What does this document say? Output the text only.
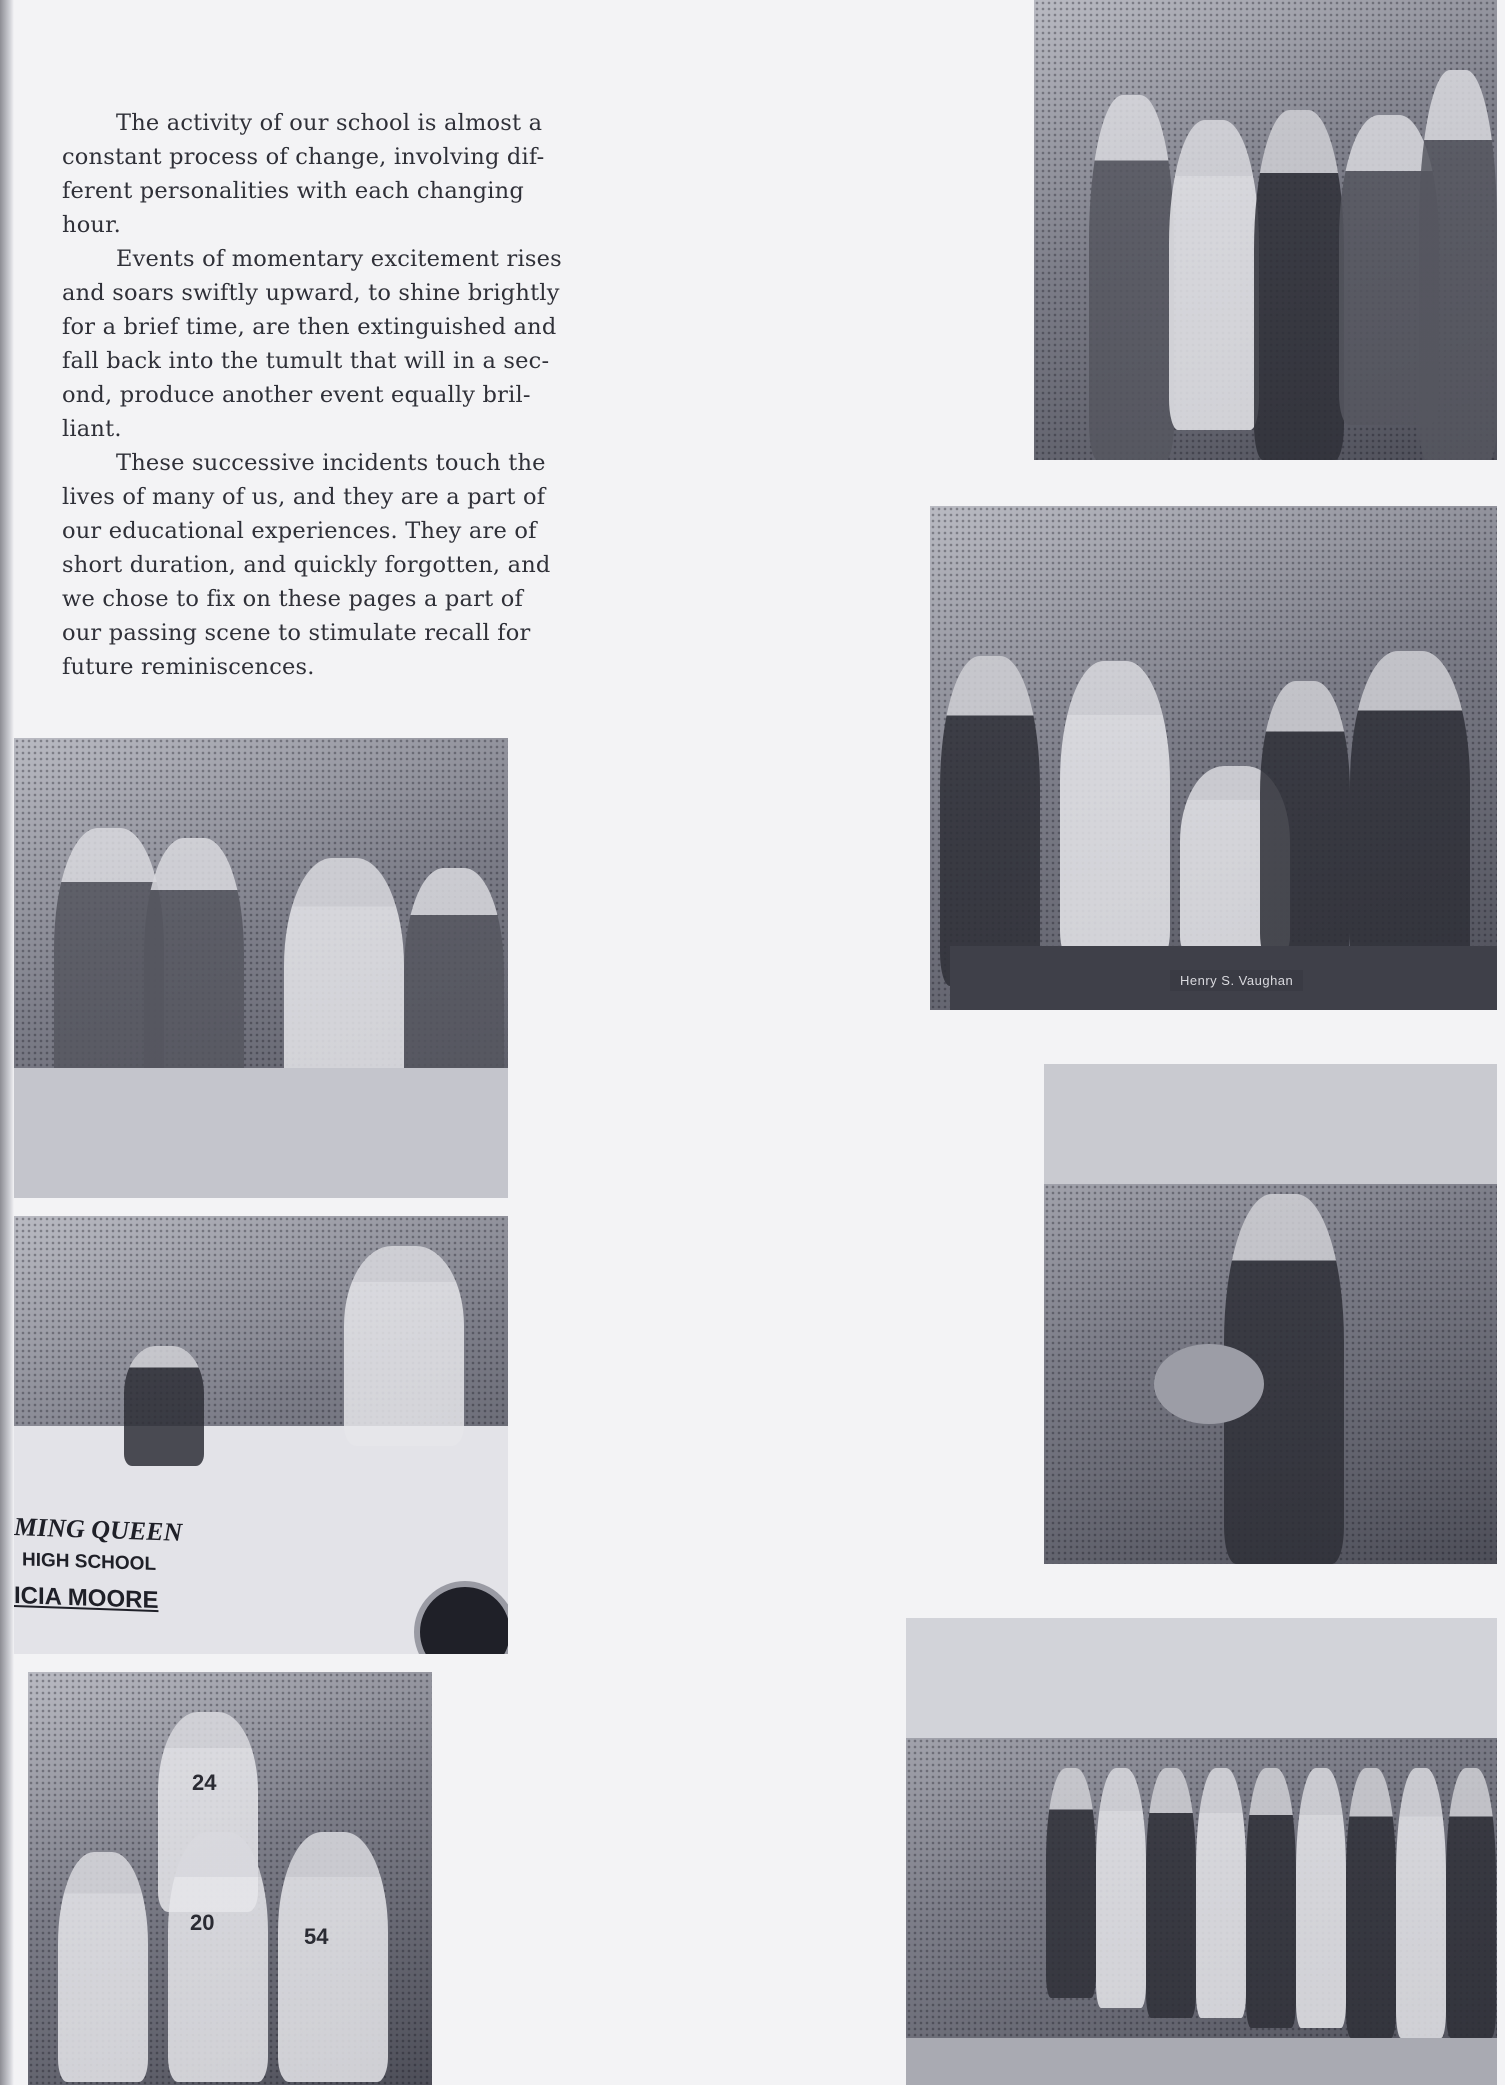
The activity of our school is almost a
constant process of change, involving dif-
ferent personalities with each changing
hour.

Events of momentary excitement rises
and soars swiftly upward, to shine brightly
for a brief time, are then extinguished and
fall back into the tumult that will in a sec-
ond, produce another event equally bril-
liant.

These successive incidents touch the
lives of many of us, and they are a part of
our educational experiences. They are of
short duration, and quickly forgotten, and
we chose to fix on these pages a part of
our passing scene to stimulate recall for
future reminiscences.

MING QUEEN
HIGH SCHOOL
ICIA MOORE
24
20
54
Henry S. Vaughan
